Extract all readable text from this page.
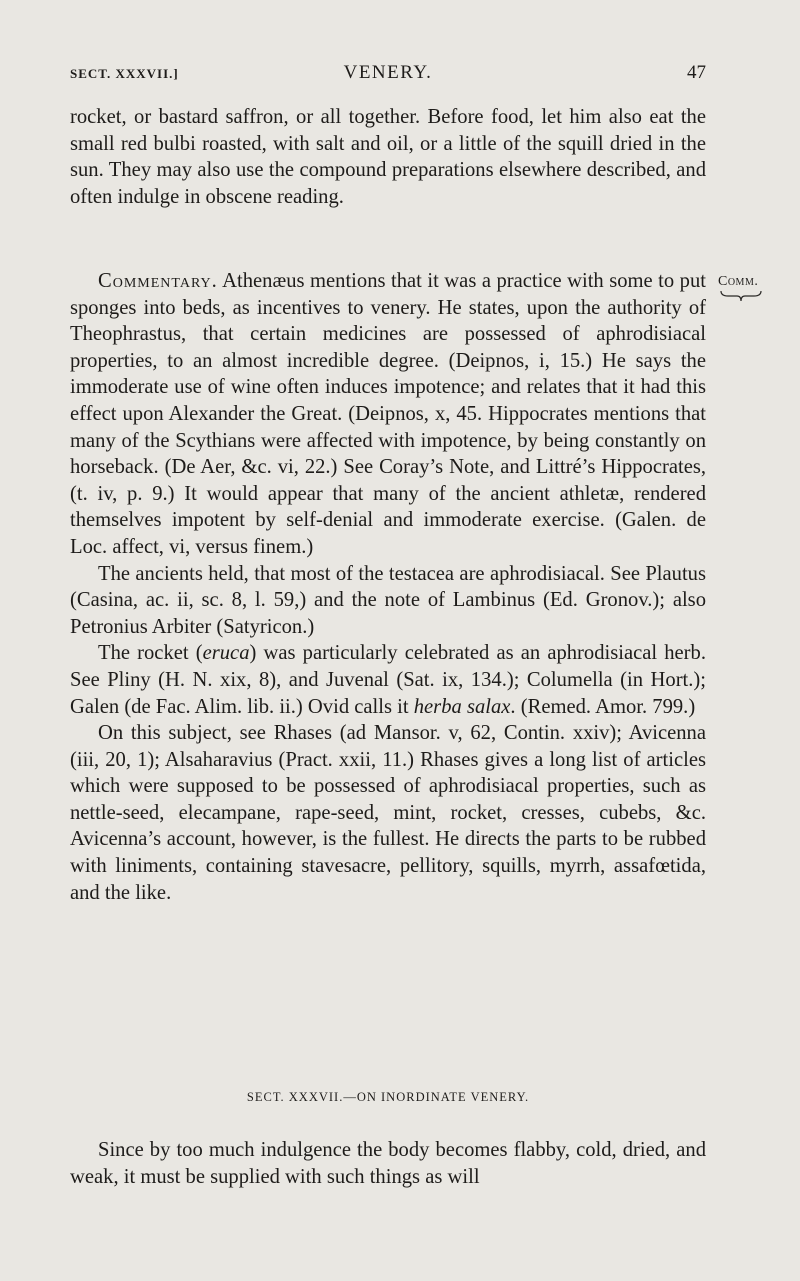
SECT. XXXVII.]	VENERY.	47

rocket, or bastard saffron, or all together. Before food, let him also eat the small red bulbi roasted, with salt and oil, or a little of the squill dried in the sun. They may also use the compound preparations elsewhere described, and often indulge in obscene reading.

Comm.

Commentary. Athenæus mentions that it was a practice with some to put sponges into beds, as incentives to venery. He states, upon the authority of Theophrastus, that certain medicines are possessed of aphrodisiacal properties, to an almost incredible degree. (Deipnos, i, 15.) He says the immoderate use of wine often induces impotence; and relates that it had this effect upon Alexander the Great. (Deipnos, x, 45. Hippocrates mentions that many of the Scythians were affected with impotence, by being constantly on horseback. (De Aer, &c. vi, 22.) See Coray’s Note, and Littré’s Hippocrates, (t. iv, p. 9.) It would appear that many of the ancient athletæ, rendered themselves impotent by self-denial and immoderate exercise. (Galen. de Loc. affect, vi, versus finem.)

The ancients held, that most of the testacea are aphrodisiacal. See Plautus (Casina, ac. ii, sc. 8, l. 59,) and the note of Lambinus (Ed. Gronov.); also Petronius Arbiter (Satyricon.)

The rocket (eruca) was particularly celebrated as an aphrodisiacal herb. See Pliny (H. N. xix, 8), and Juvenal (Sat. ix, 134.); Columella (in Hort.); Galen (de Fac. Alim. lib. ii.) Ovid calls it herba salax. (Remed. Amor. 799.)

On this subject, see Rhases (ad Mansor. v, 62, Contin. xxiv); Avicenna (iii, 20, 1); Alsaharavius (Pract. xxii, 11.) Rhases gives a long list of articles which were supposed to be possessed of aphrodisiacal properties, such as nettle-seed, elecampane, rape-seed, mint, rocket, cresses, cubebs, &c. Avicenna’s account, however, is the fullest. He directs the parts to be rubbed with liniments, containing stavesacre, pellitory, squills, myrrh, assafœtida, and the like.

SECT. XXXVII.—ON INORDINATE VENERY.

Since by too much indulgence the body becomes flabby, cold, dried, and weak, it must be supplied with such things as will
